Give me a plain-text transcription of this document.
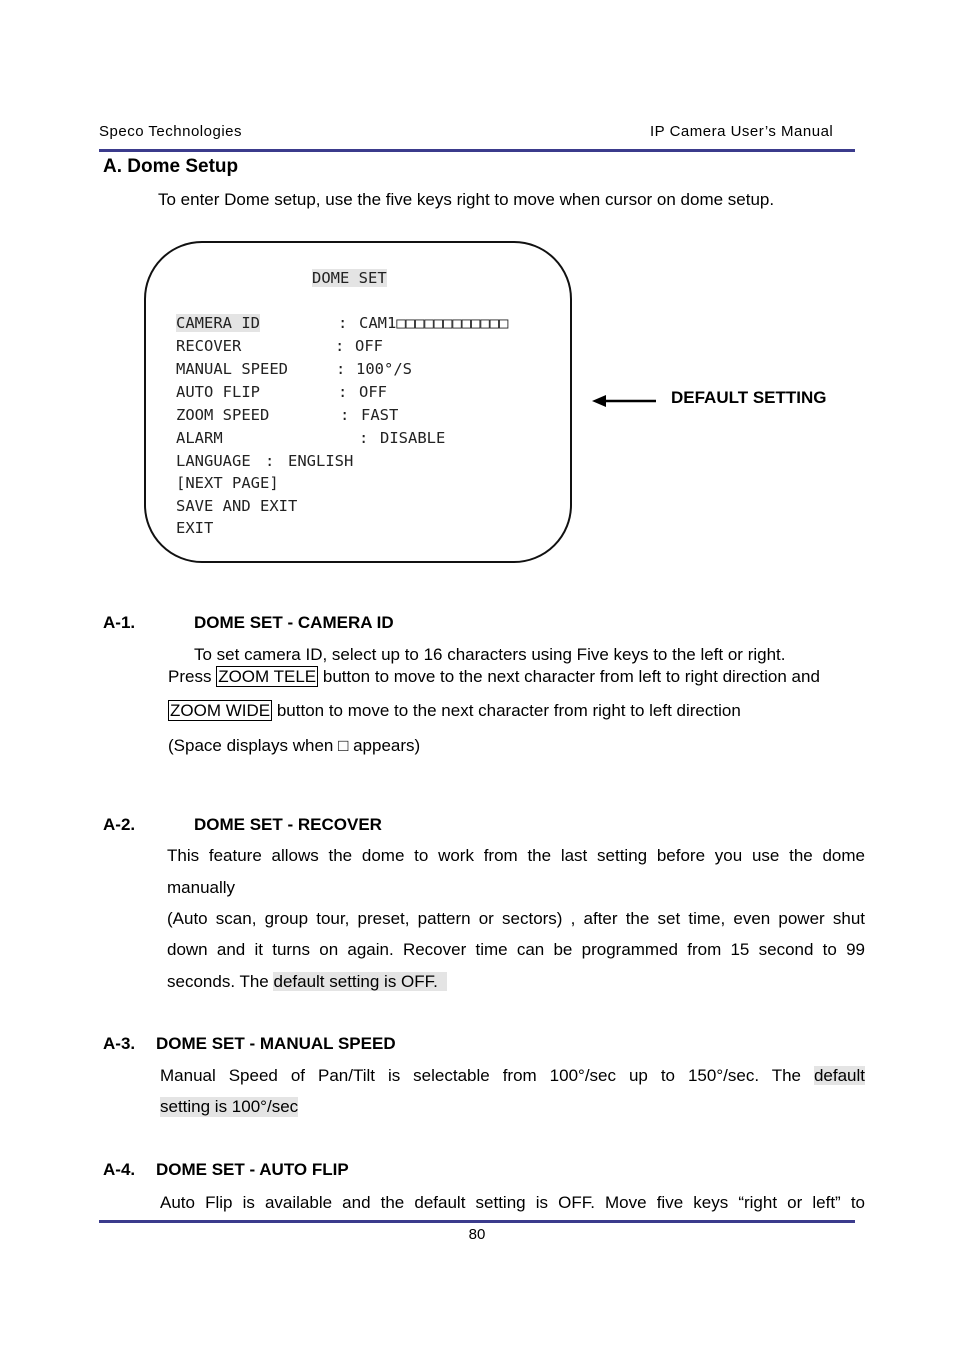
Speco Technologies	IP Camera User’s Manual
A. Dome Setup
To enter Dome setup, use the five keys right to move when cursor on dome setup.
DOME SET
CAMERA ID	: CAM1□□□□□□□□□□□□
RECOVER	: OFF
MANUAL SPEED	: 100°/S
AUTO FLIP	: OFF
ZOOM SPEED	: FAST
ALARM	: DISABLE
LANGUAGE : ENGLISH
[NEXT PAGE]
SAVE AND EXIT
EXIT
DEFAULT SETTING
A-1.	DOME SET - CAMERA ID
To set camera ID, select up to 16 characters using Five keys to the left or right.
Press ZOOM TELE button to move to the next character from left to right direction and
ZOOM WIDE button to move to the next character from right to left direction
(Space displays when □ appears)
A-2.	DOME SET - RECOVER
This feature allows the dome to work from the last setting before you use the dome
manually
(Auto scan, group tour, preset, pattern or sectors) , after the set time, even power shut
down and it turns on again. Recover time can be programmed from 15 second to 99
seconds. The default setting is OFF.
A-3. DOME SET - MANUAL SPEED
Manual Speed of Pan/Tilt is selectable from 100°/sec up to 150°/sec. The default
setting is 100°/sec
A-4. DOME SET - AUTO FLIP
Auto Flip is available and the default setting is OFF. Move five keys “right or left” to
80
